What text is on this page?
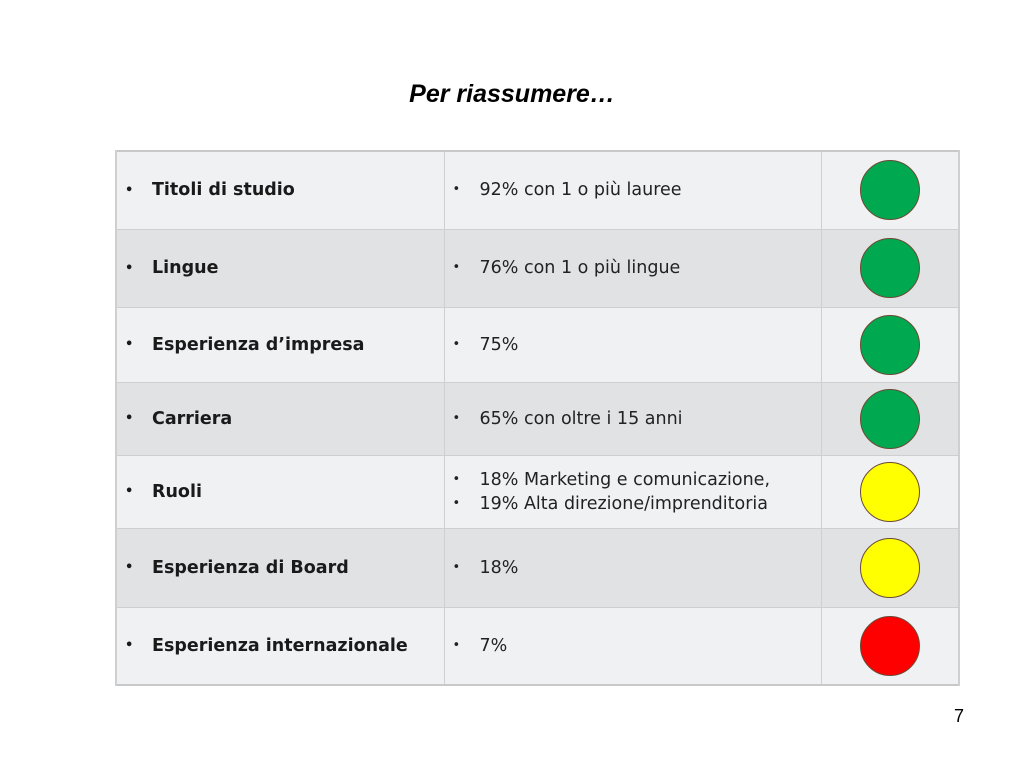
Per riassumere…
• Titoli di studio	• 92% con 1 o più lauree	

• Lingue	• 76% con 1 o più lingue	

• Esperienza d’impresa	• 75%	

• Carriera	• 65% con oltre i 15 anni	

• Ruoli	• 18% Marketing e comunicazione,
• 19% Alta direzione/imprenditoria	

• Esperienza di Board	• 18%	

• Esperienza internazionale	• 7%	

7
